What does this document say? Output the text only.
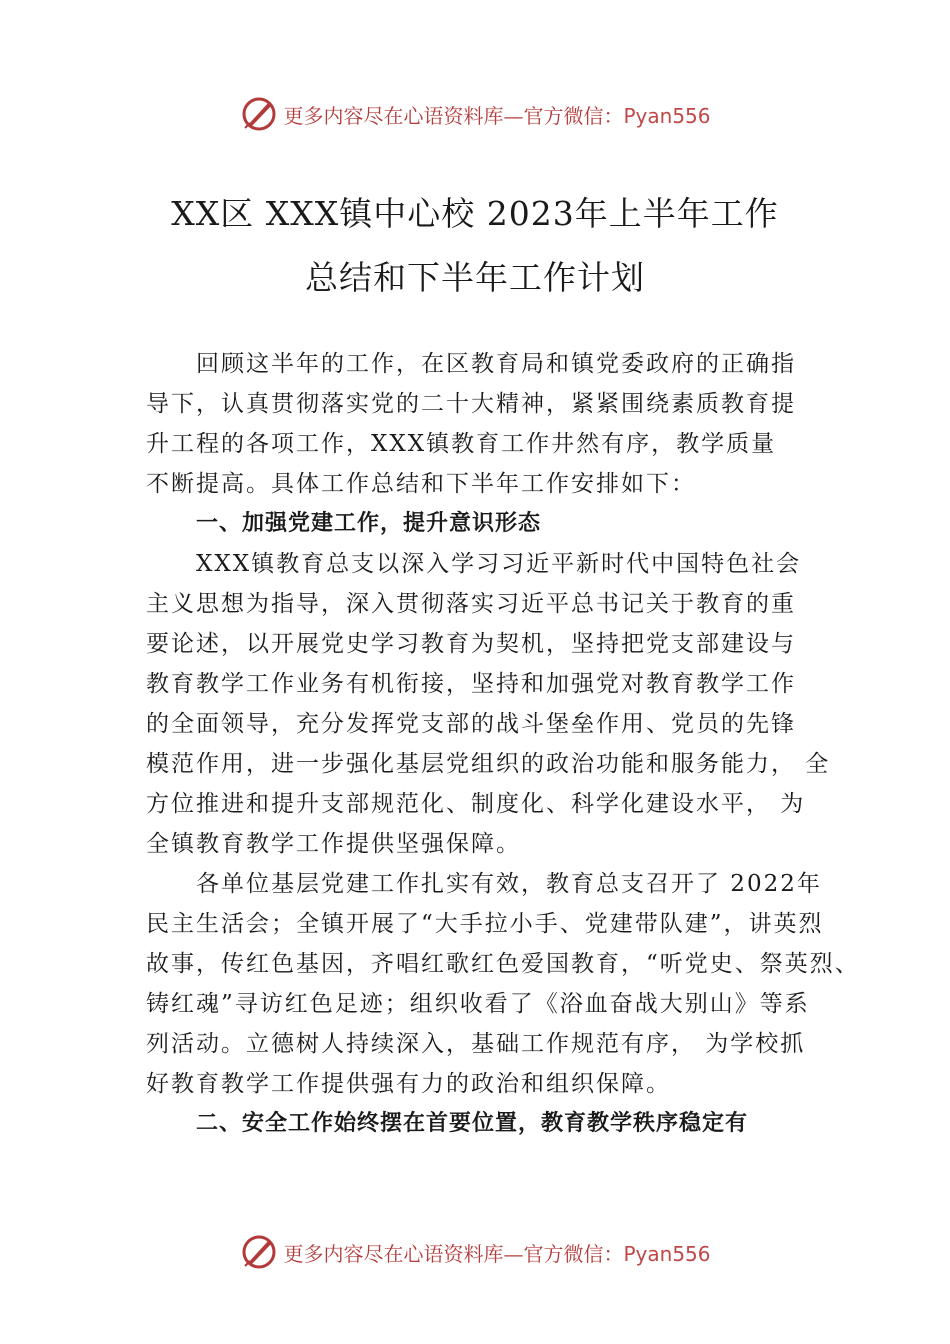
更多内容尽在心语资料库—官方微信：Pyan556
XX区 XXX镇中心校 2023年上半年工作
总结和下半年工作计划
回顾这半年的工作，在区教育局和镇党委政府的正确指
导下，认真贯彻落实党的二十大精神，紧紧围绕素质教育提
升工程的各项工作，XXX镇教育工作井然有序，教学质量
不断提高。具体工作总结和下半年工作安排如下：
一、加强党建工作，提升意识形态
XXX镇教育总支以深入学习习近平新时代中国特色社会
主义思想为指导，深入贯彻落实习近平总书记关于教育的重
要论述，以开展党史学习教育为契机，坚持把党支部建设与
教育教学工作业务有机衔接，坚持和加强党对教育教学工作
的全面领导，充分发挥党支部的战斗堡垒作用、党员的先锋
模范作用，进一步强化基层党组织的政治功能和服务能力， 全
方位推进和提升支部规范化、制度化、科学化建设水平， 为
全镇教育教学工作提供坚强保障。
各单位基层党建工作扎实有效，教育总支召开了 2022年
民主生活会；全镇开展了“大手拉小手、党建带队建”，讲英烈
故事，传红色基因，齐唱红歌红色爱国教育，“听党史、祭英烈、
铸红魂”寻访红色足迹；组织收看了《浴血奋战大别山》等系
列活动。立德树人持续深入，基础工作规范有序， 为学校抓
好教育教学工作提供强有力的政治和组织保障。
二、安全工作始终摆在首要位置，教育教学秩序稳定有
更多内容尽在心语资料库—官方微信：Pyan556
